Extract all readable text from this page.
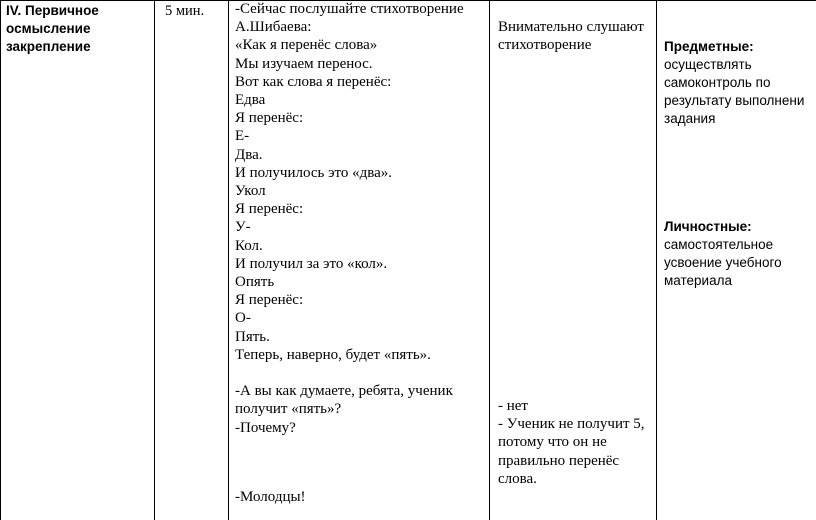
IV. Первичное
осмысление
закрепление
5 мин. -Сейчас послушайте стихотворение
А.Шибаева:
«Как я перенёс слова»
Мы изучаем перенос.
Вот как слова я перенёс:
Едва
Я перенёс:
Е-
Два.
И получилось это «два».
Укол
Я перенёс:
У-
Кол.
И получил за это «кол».
Опять
Я перенёс:
О-
Пять.
Теперь, наверно, будет «пять».
-А вы как думаете, ребята, ученик
получит «пять»?
-Почему?
-Молодцы!
Внимательно слушают
стихотворение
- нет
- Ученик не получит 5,
потому что он не
правильно перенёс
слова.
Предметные:
осуществлять
самоконтроль по
результату выполнени
задания
Личностные:
самостоятельное
усвоение учебного
материала
